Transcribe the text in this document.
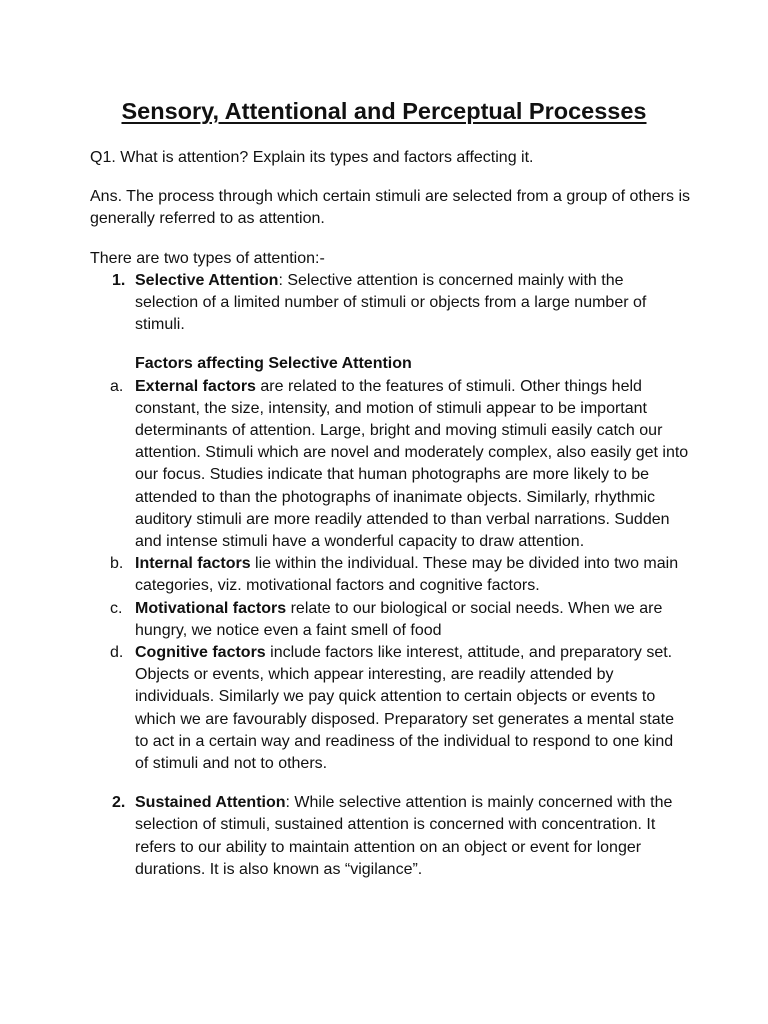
Sensory, Attentional and Perceptual Processes

Q1. What is attention? Explain its types and factors affecting it.

Ans. The process through which certain stimuli are selected from a group of others is generally referred to as attention.

There are two types of attention:-

1. Selective Attention: Selective attention is concerned mainly with the selection of a limited number of stimuli or objects from a large number of stimuli.

Factors affecting Selective Attention

a. External factors are related to the features of stimuli. Other things held constant, the size, intensity, and motion of stimuli appear to be important determinants of attention. Large, bright and moving stimuli easily catch our attention. Stimuli which are novel and moderately complex, also easily get into our focus. Studies indicate that human photographs are more likely to be attended to than the photographs of inanimate objects. Similarly, rhythmic auditory stimuli are more readily attended to than verbal narrations. Sudden and intense stimuli have a wonderful capacity to draw attention.
b. Internal factors lie within the individual. These may be divided into two main categories, viz. motivational factors and cognitive factors.
c. Motivational factors relate to our biological or social needs. When we are hungry, we notice even a faint smell of food
d. Cognitive factors include factors like interest, attitude, and preparatory set. Objects or events, which appear interesting, are readily attended by individuals. Similarly we pay quick attention to certain objects or events to which we are favourably disposed. Preparatory set generates a mental state to act in a certain way and readiness of the individual to respond to one kind of stimuli and not to others.
2. Sustained Attention: While selective attention is mainly concerned with the selection of stimuli, sustained attention is concerned with concentration. It refers to our ability to maintain attention on an object or event for longer durations. It is also known as “vigilance”.
